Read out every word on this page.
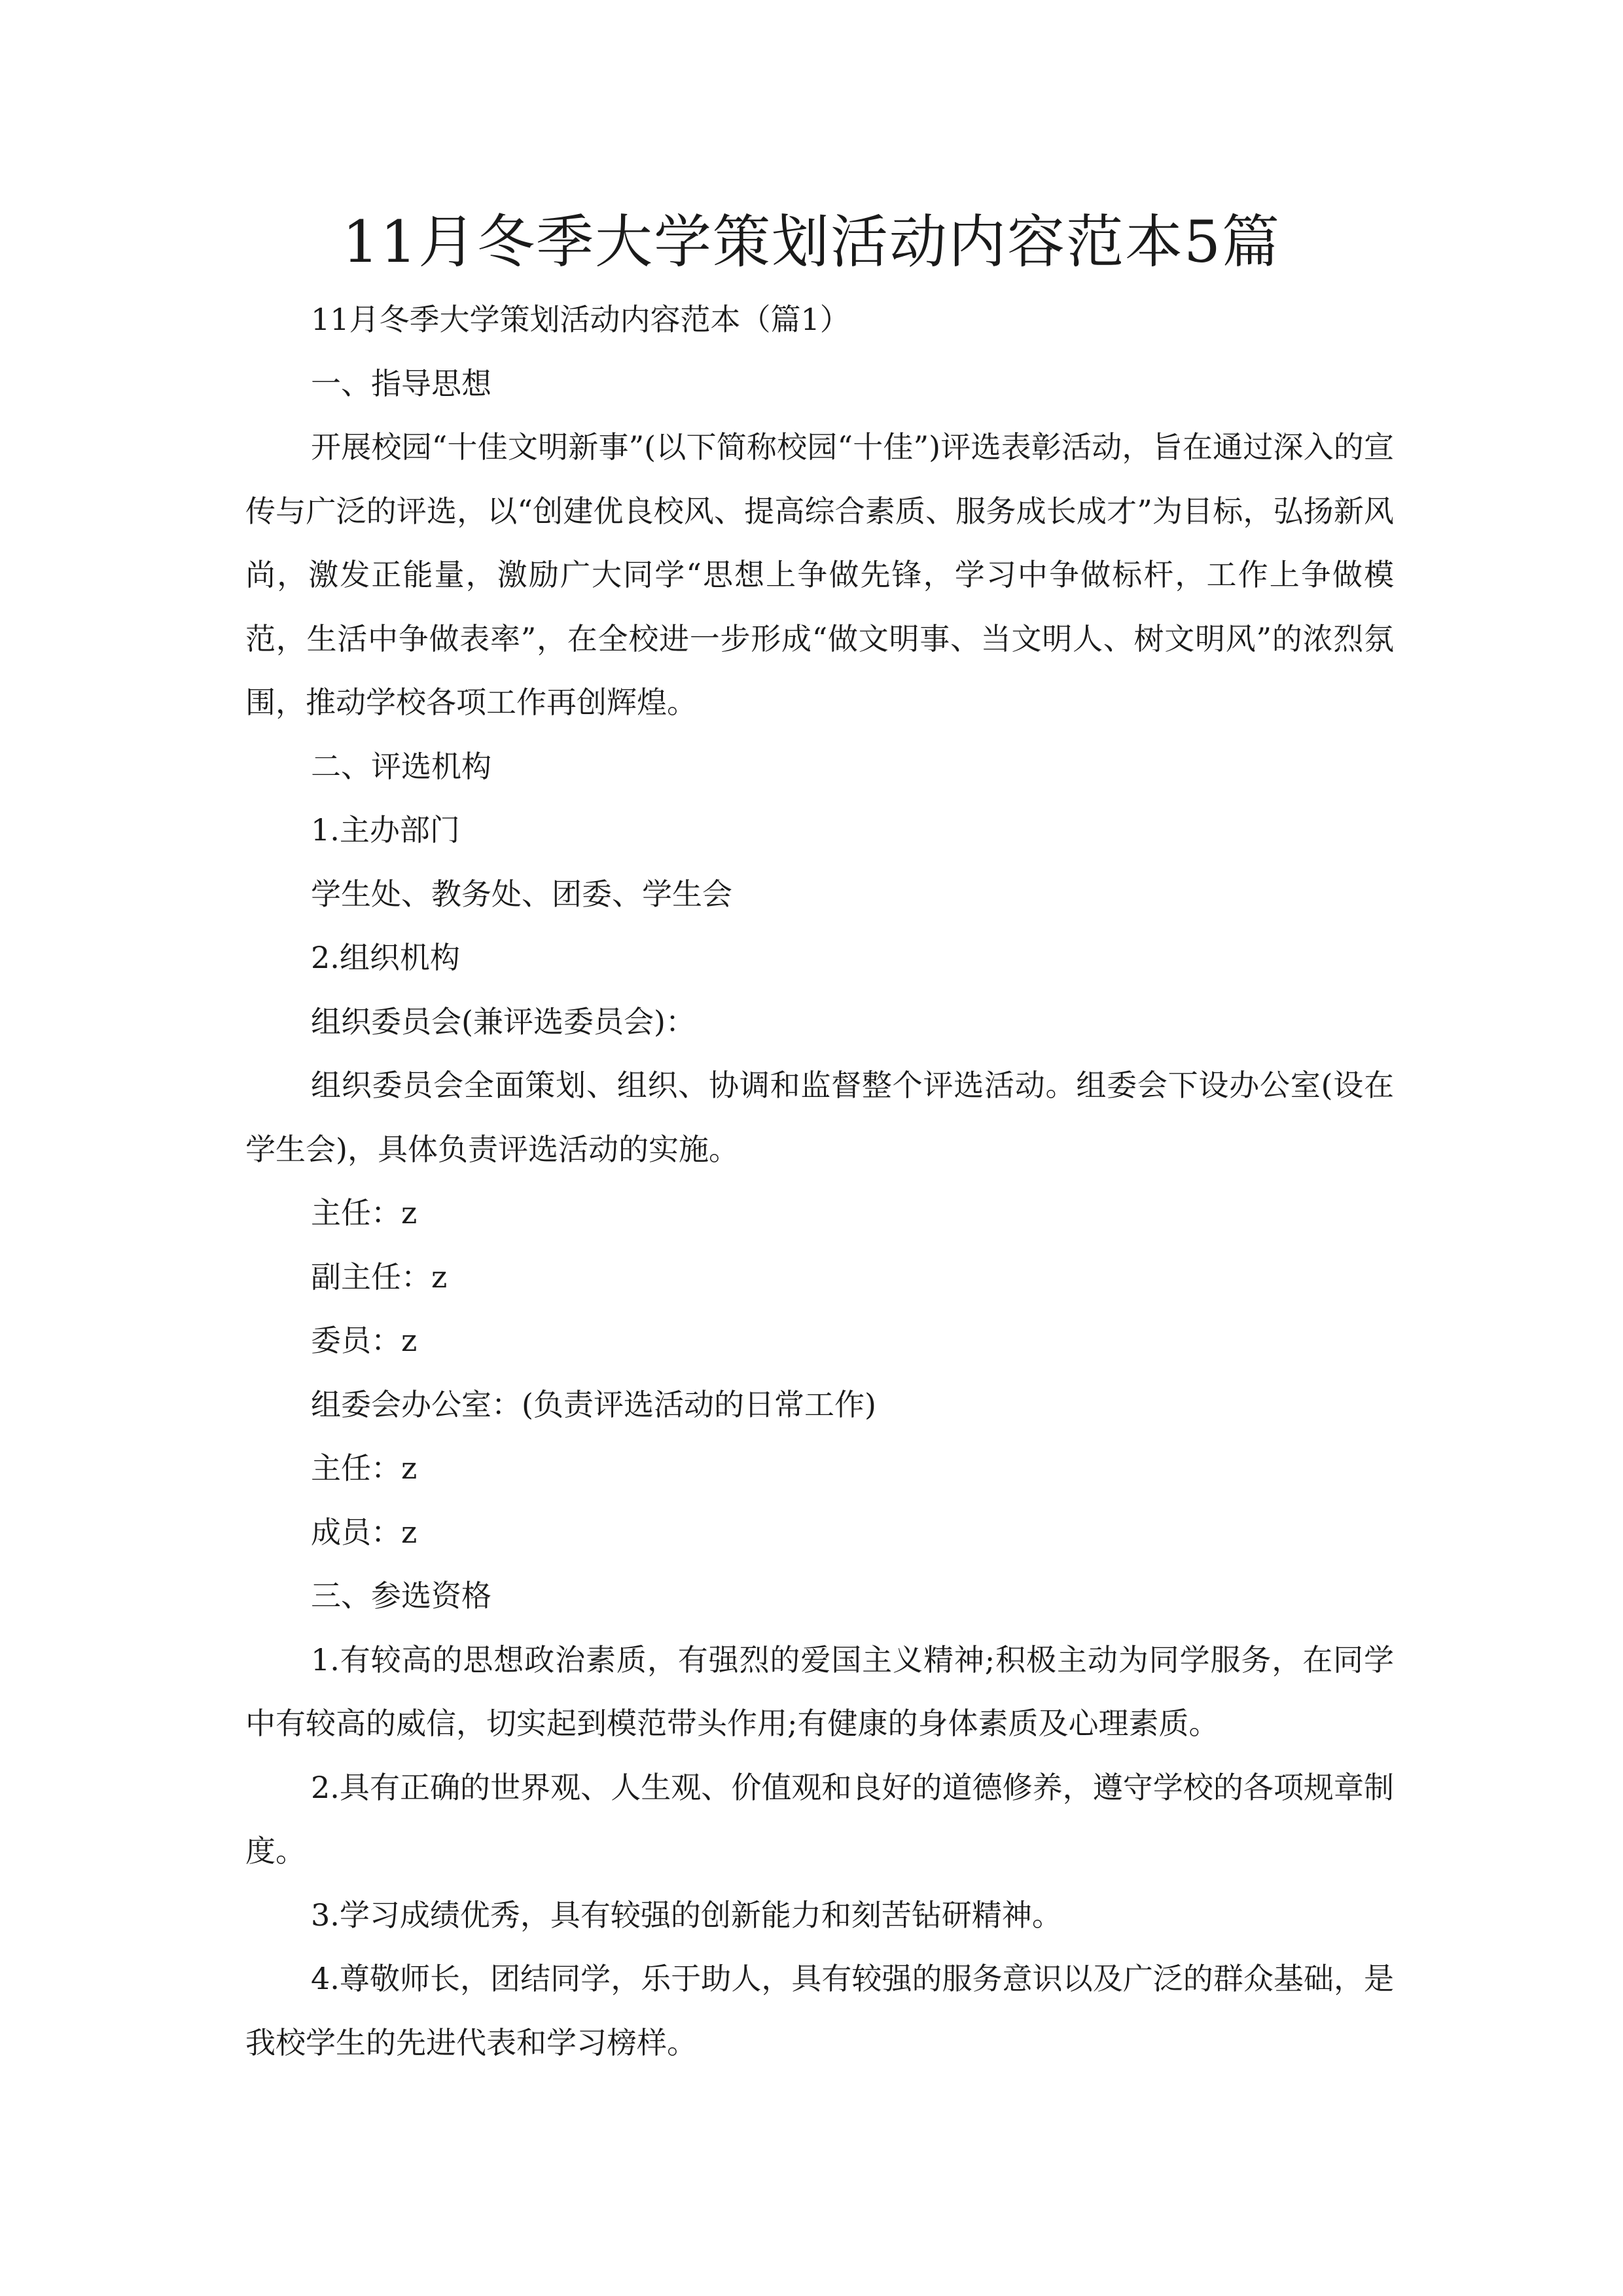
11月冬季大学策划活动内容范本5篇

11月冬季大学策划活动内容范本（篇1）

一、指导思想

开展校园“十佳文明新事”(以下简称校园“十佳”)评选表彰活动，旨在通过深入的宣传与广泛的评选，以“创建优良校风、提高综合素质、服务成长成才”为目标，弘扬新风尚，激发正能量，激励广大同学“思想上争做先锋，学习中争做标杆，工作上争做模范，生活中争做表率”，在全校进一步形成“做文明事、当文明人、树文明风”的浓烈氛围，推动学校各项工作再创辉煌。

二、评选机构

1.主办部门

学生处、教务处、团委、学生会

2.组织机构

组织委员会(兼评选委员会)：

组织委员会全面策划、组织、协调和监督整个评选活动。组委会下设办公室(设在学生会)，具体负责评选活动的实施。

主任：z

副主任：z

委员：z

组委会办公室：(负责评选活动的日常工作)

主任：z

成员：z

三、参选资格

1.有较高的思想政治素质，有强烈的爱国主义精神;积极主动为同学服务，在同学中有较高的威信，切实起到模范带头作用;有健康的身体素质及心理素质。

2.具有正确的世界观、人生观、价值观和良好的道德修养，遵守学校的各项规章制度。

3.学习成绩优秀，具有较强的创新能力和刻苦钻研精神。

4.尊敬师长，团结同学，乐于助人，具有较强的服务意识以及广泛的群众基础，是我校学生的先进代表和学习榜样。
